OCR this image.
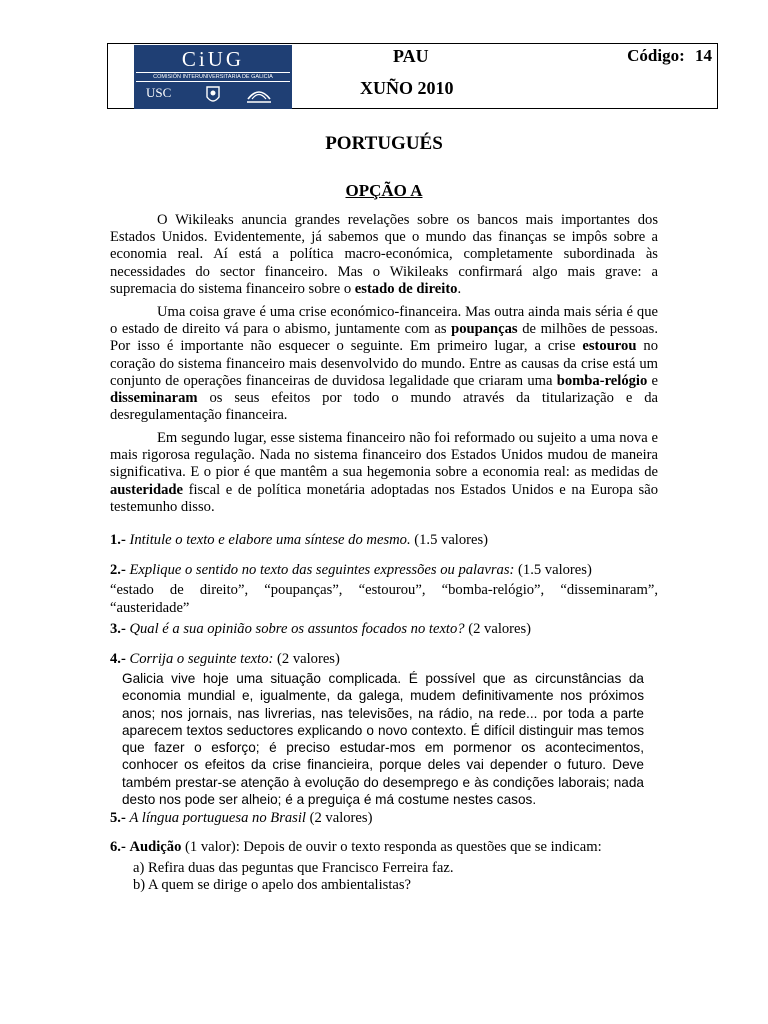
CiUG
COMISIÓN INTERUNIVERSITARIA DE GALICIA
USC
PAU
XUÑO 2010
Código: 14
PORTUGUÉS
OPÇÃO A

O Wikileaks anuncia grandes revelações sobre os bancos mais importantes dos Estados Unidos. Evidentemente, já sabemos que o mundo das finanças se impôs sobre a economia real. Aí está a política macro-económica, completamente subordinada às necessidades do sector financeiro. Mas o Wikileaks confirmará algo mais grave: a supremacia do sistema financeiro sobre o estado de direito.

Uma coisa grave é uma crise económico-financeira. Mas outra ainda mais séria é que o estado de direito vá para o abismo, juntamente com as poupanças de milhões de pessoas. Por isso é importante não esquecer o seguinte. Em primeiro lugar, a crise estourou no coração do sistema financeiro mais desenvolvido do mundo. Entre as causas da crise está um conjunto de operações financeiras de duvidosa legalidade que criaram uma bomba-relógio e disseminaram os seus efeitos por todo o mundo através da titularização e da desregulamentação financeira.

Em segundo lugar, esse sistema financeiro não foi reformado ou sujeito a uma nova e mais rigorosa regulação. Nada no sistema financeiro dos Estados Unidos mudou de maneira significativa. E o pior é que mantêm a sua hegemonia sobre a economia real: as medidas de austeridade fiscal e de política monetária adoptadas nos Estados Unidos e na Europa são testemunho disso.

1.- Intitule o texto e elabore uma síntese do mesmo. (1.5 valores)

2.- Explique o sentido no texto das seguintes expressões ou palavras: (1.5 valores)

“estado de direito”, “poupanças”, “estourou”, “bomba-relógio”, “disseminaram”, “austeridade”

3.- Qual é a sua opinião sobre os assuntos focados no texto? (2 valores)

4.- Corrija o seguinte texto: (2 valores)

Galicia vive hoje uma situação complicada. É possível que as circunstâncias da economia mundial e, igualmente, da galega, mudem definitivamente nos próximos anos; nos jornais, nas livrerias, nas televisões, na rádio, na rede... por toda a parte aparecem textos seductores explicando o novo contexto. É difícil distinguir mas temos que fazer o esforço; é preciso estudar-mos em pormenor os acontecimentos, conhocer os efeitos da crise financieira, porque deles vai depender o futuro. Deve também prestar-se atenção à evolução do desemprego e às condições laborais; nada desto nos pode ser alheio; é a preguiça é má costume nestes casos.

5.- A língua portuguesa no Brasil (2 valores)

6.- Audição (1 valor): Depois de ouvir o texto responda as questões que se indicam:

a) Refira duas das peguntas que Francisco Ferreira faz.

b) A quem se dirige o apelo dos ambientalistas?
